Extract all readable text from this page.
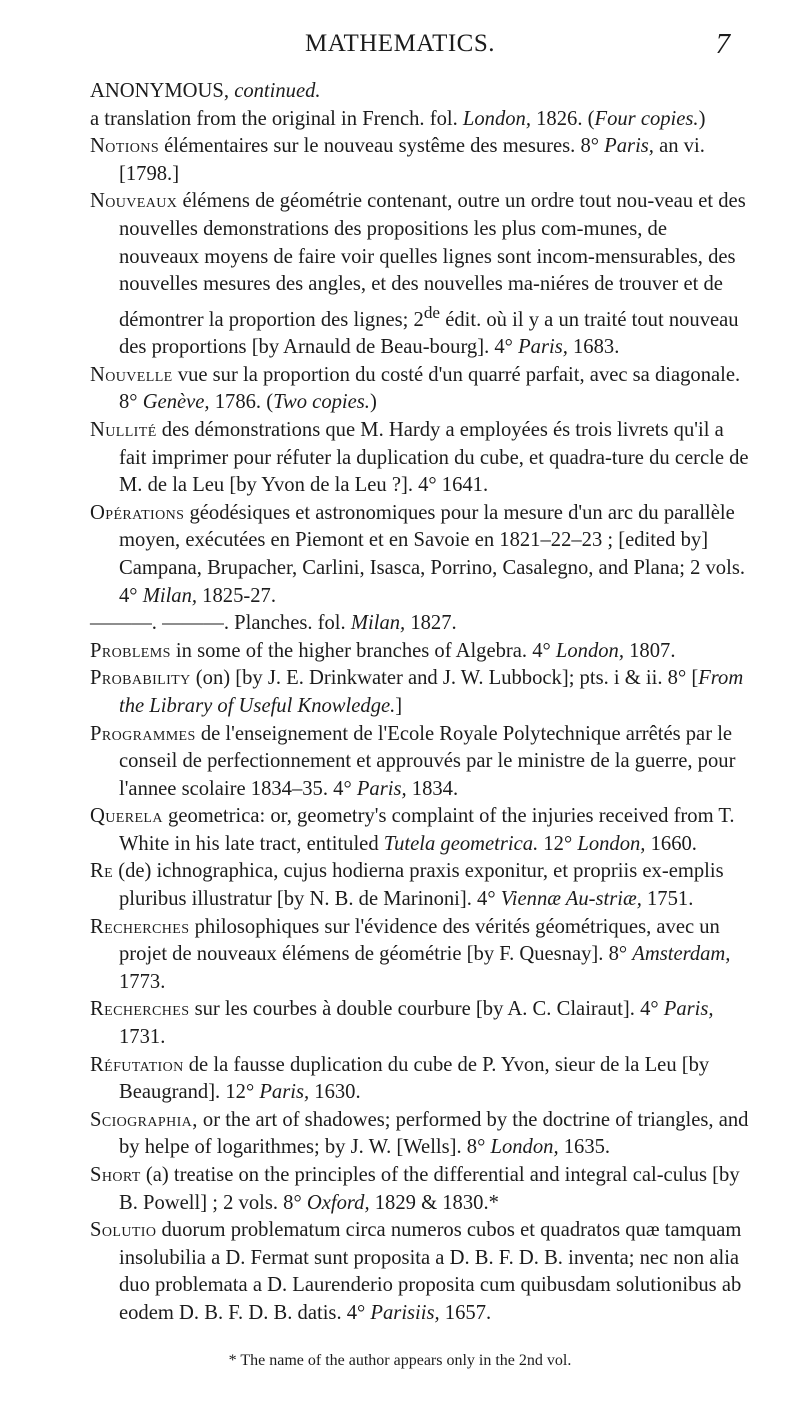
MATHEMATICS.	7

ANONYMOUS, continued.

a translation from the original in French. fol. London, 1826. (Four copies.)

Notions élémentaires sur le nouveau systême des mesures. 8° Paris, an vi. [1798.]

Nouveaux élémens de géométrie contenant, outre un ordre tout nou-veau et des nouvelles demonstrations des propositions les plus com-munes, de nouveaux moyens de faire voir quelles lignes sont incom-mensurables, des nouvelles mesures des angles, et des nouvelles ma-niéres de trouver et de démontrer la proportion des lignes; 2de édit. où il y a un traité tout nouveau des proportions [by Arnauld de Beau-bourg]. 4° Paris, 1683.

Nouvelle vue sur la proportion du costé d'un quarré parfait, avec sa diagonale. 8° Genève, 1786. (Two copies.)

Nullité des démonstrations que M. Hardy a employées és trois livrets qu'il a fait imprimer pour réfuter la duplication du cube, et quadra-ture du cercle de M. de la Leu [by Yvon de la Leu ?]. 4° 1641.

Opérations géodésiques et astronomiques pour la mesure d'un arc du parallèle moyen, exécutées en Piemont et en Savoie en 1821–22–23 ; [edited by] Campana, Brupacher, Carlini, Isasca, Porrino, Casalegno, and Plana; 2 vols. 4° Milan, 1825-27.

———. ———. Planches. fol. Milan, 1827.

Problems in some of the higher branches of Algebra. 4° London, 1807.

Probability (on) [by J. E. Drinkwater and J. W. Lubbock]; pts. i & ii. 8° [From the Library of Useful Knowledge.]

Programmes de l'enseignement de l'Ecole Royale Polytechnique arrêtés par le conseil de perfectionnement et approuvés par le ministre de la guerre, pour l'annee scolaire 1834–35. 4° Paris, 1834.

Querela geometrica: or, geometry's complaint of the injuries received from T. White in his late tract, entituled Tutela geometrica. 12° London, 1660.

Re (de) ichnographica, cujus hodierna praxis exponitur, et propriis ex-emplis pluribus illustratur [by N. B. de Marinoni]. 4° Viennæ Au-striæ, 1751.

Recherches philosophiques sur l'évidence des vérités géométriques, avec un projet de nouveaux élémens de géométrie [by F. Quesnay]. 8° Amsterdam, 1773.

Recherches sur les courbes à double courbure [by A. C. Clairaut]. 4° Paris, 1731.

Réfutation de la fausse duplication du cube de P. Yvon, sieur de la Leu [by Beaugrand]. 12° Paris, 1630.

Sciographia, or the art of shadowes; performed by the doctrine of triangles, and by helpe of logarithmes; by J. W. [Wells]. 8° London, 1635.

Short (a) treatise on the principles of the differential and integral cal-culus [by B. Powell] ; 2 vols. 8° Oxford, 1829 & 1830.*

Solutio duorum problematum circa numeros cubos et quadratos quæ tamquam insolubilia a D. Fermat sunt proposita a D. B. F. D. B. inventa; nec non alia duo problemata a D. Laurenderio proposita cum quibusdam solutionibus ab eodem D. B. F. D. B. datis. 4° Parisiis, 1657.

* The name of the author appears only in the 2nd vol.
